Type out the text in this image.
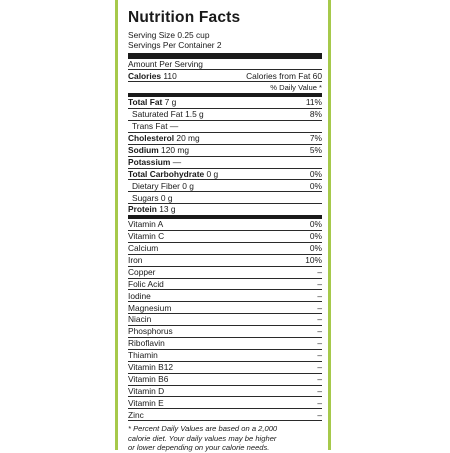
Nutrition Facts
Serving Size 0.25 cup
Servings Per Container 2
Amount Per Serving
Calories 110	Calories from Fat 60
% Daily Value *
Total Fat 7 g	11%
Saturated Fat 1.5 g	8%
Trans Fat —
Cholesterol 20 mg	7%
Sodium 120 mg	5%
Potassium —
Total Carbohydrate 0 g	0%
Dietary Fiber 0 g	0%
Sugars 0 g
Protein 13 g
Vitamin A	0%
Vitamin C	0%
Calcium	0%
Iron	10%
Copper	–
Folic Acid	–
Iodine	–
Magnesium	–
Niacin	–
Phosphorus	–
Riboflavin	–
Thiamin	–
Vitamin B12	–
Vitamin B6	–
Vitamin D	–
Vitamin E	–
Zinc	–
* Percent Daily Values are based on a 2,000
calorie diet. Your daily values may be higher
or lower depending on your calorie needs.
